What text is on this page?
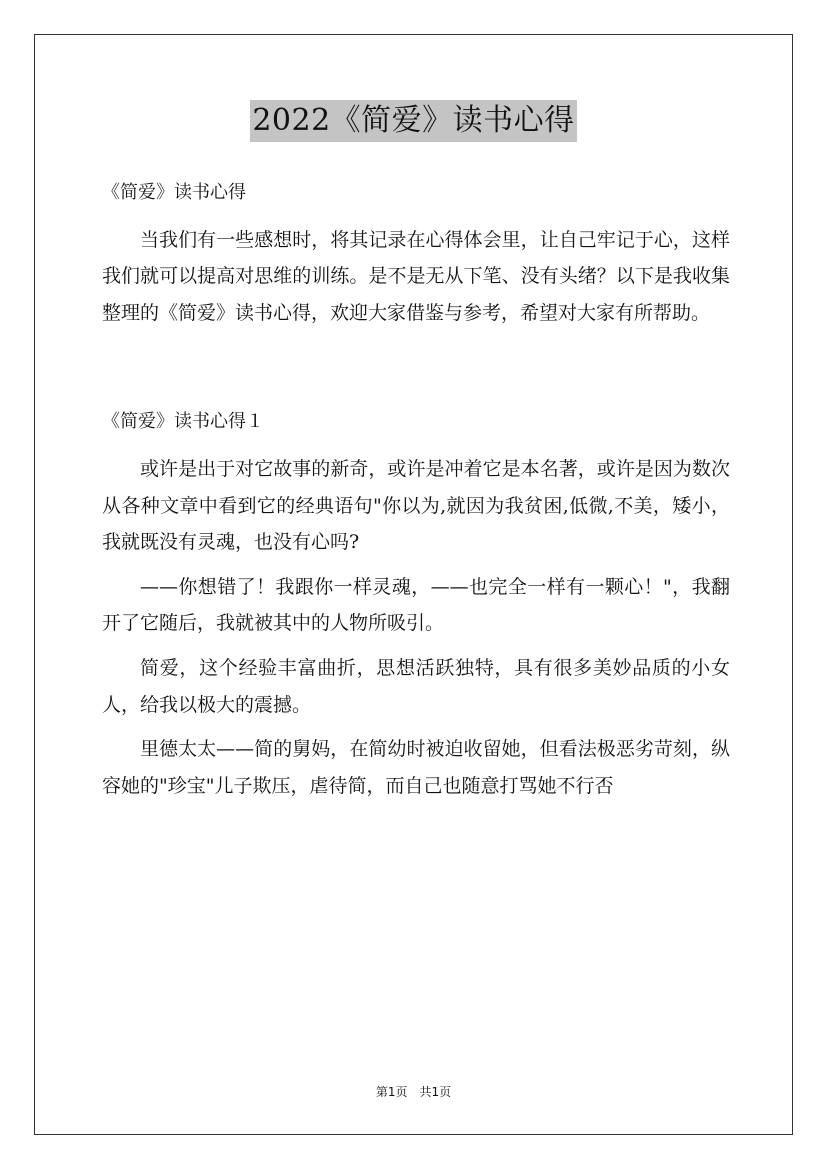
2022《简爱》读书心得

《简爱》读书心得

当我们有一些感想时，将其记录在心得体会里，让自己牢记于心，这样我们就可以提高对思维的训练。是不是无从下笔、没有头绪？以下是我收集整理的《简爱》读书心得，欢迎大家借鉴与参考，希望对大家有所帮助。

《简爱》读书心得１

或许是出于对它故事的新奇，或许是冲着它是本名著，或许是因为数次从各种文章中看到它的经典语句"你以为,就因为我贫困,低微,不美，矮小，我就既没有灵魂，也没有心吗?

——你想错了！我跟你一样灵魂，——也完全一样有一颗心！"，我翻开了它随后，我就被其中的人物所吸引。

简爱，这个经验丰富曲折，思想活跃独特，具有很多美妙品质的小女人，给我以极大的震撼。

里德太太——简的舅妈，在简幼时被迫收留她，但看法极恶劣苛刻，纵容她的"珍宝"儿子欺压，虐待简，而自己也随意打骂她不行否

第1页　共1页
